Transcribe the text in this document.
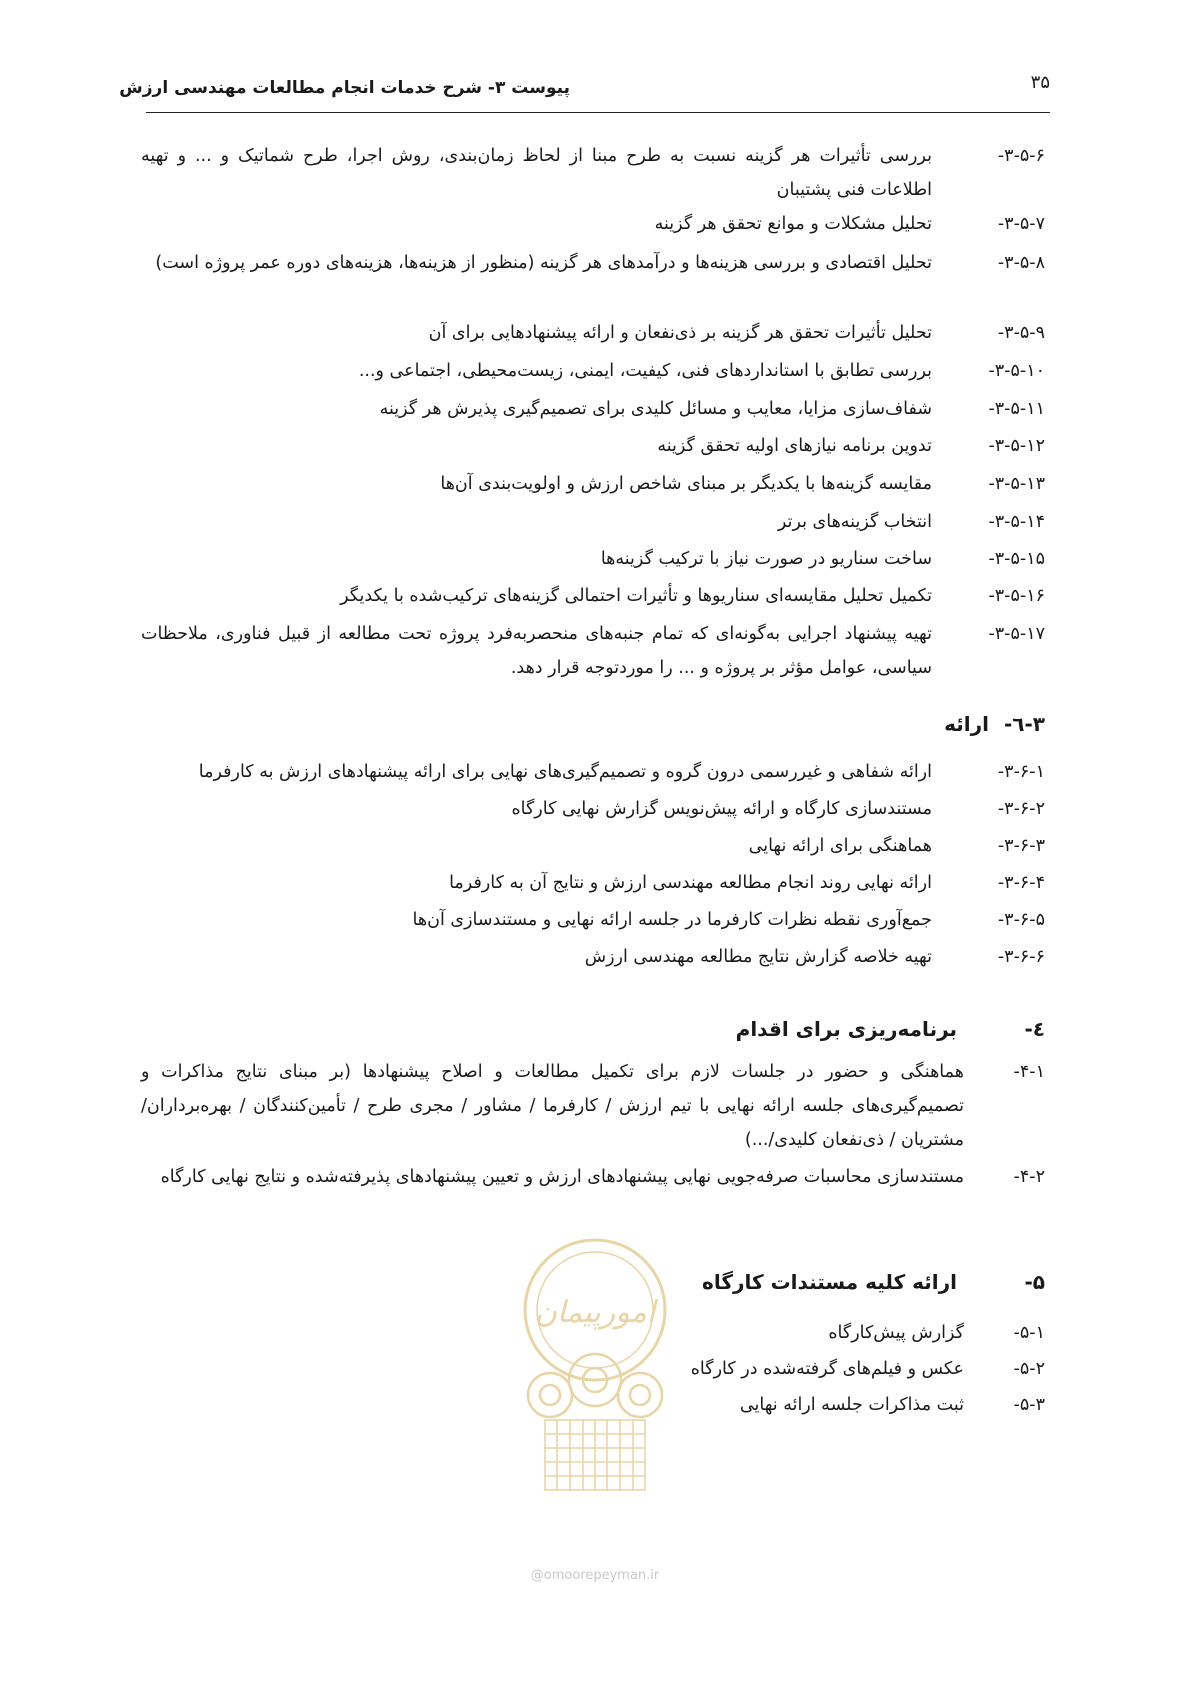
پیوست ۳- شرح خدمات انجام مطالعات مهندسی ارزش	۳۵
۳-۵-۶-
بررسی تأثیرات هر گزینه نسبت به طرح مبنا از لحاظ زمان‌بندی، روش اجرا، طرح شماتیک و ... و تهیه اطلاعات فنی پشتیبان
۳-۵-۷-
تحلیل مشکلات و موانع تحقق هر گزینه
۳-۵-۸-
تحلیل اقتصادی و بررسی هزینه‌ها و درآمدهای هر گزینه (منظور از هزینه‌ها، هزینه‌های دوره عمر پروژه است)
۳-۵-۹-
تحلیل تأثیرات تحقق هر گزینه بر ذی‌نفعان و ارائه پیشنهادهایی برای آن
۳-۵-۱۰-
بررسی تطابق با استانداردهای فنی، کیفیت، ایمنی، زیست‌محیطی، اجتماعی و...
۳-۵-۱۱-
شفاف‌سازی مزایا، معایب و مسائل کلیدی برای تصمیم‌گیری پذیرش هر گزینه
۳-۵-۱۲-
تدوین برنامه نیازهای اولیه تحقق گزینه
۳-۵-۱۳-
مقایسه گزینه‌ها با یکدیگر بر مبنای شاخص ارزش و اولویت‌بندی آن‌ها
۳-۵-۱۴-
انتخاب گزینه‌های برتر
۳-۵-۱۵-
ساخت سناریو در صورت نیاز با ترکیب گزینه‌ها
۳-۵-۱۶-
تکمیل تحلیل مقایسه‌ای سناریوها و تأثیرات احتمالی گزینه‌های ترکیب‌شده با یکدیگر
۳-۵-۱۷-
تهیه پیشنهاد اجرایی به‌گونه‌ای که تمام جنبه‌های منحصربه‌فرد پروژه تحت مطالعه از قبیل فناوری، ملاحظات سیاسی، عوامل مؤثر بر پروژه و ... را موردتوجه قرار دهد.
۳-٦- ارائه
۳-۶-۱-
ارائه شفاهی و غیررسمی درون گروه و تصمیم‌گیری‌های نهایی برای ارائه پیشنهادهای ارزش به کارفرما
۳-۶-۲-
مستندسازی کارگاه و ارائه پیش‌نویس گزارش نهایی کارگاه
۳-۶-۳-
هماهنگی برای ارائه نهایی
۳-۶-۴-
ارائه نهایی روند انجام مطالعه مهندسی ارزش و نتایج آن به کارفرما
۳-۶-۵-
جمع‌آوری نقطه نظرات کارفرما در جلسه ارائه نهایی و مستندسازی آن‌ها
۳-۶-۶-
تهیه خلاصه گزارش نتایج مطالعه مهندسی ارزش
٤- برنامه‌ریزی برای اقدام
۴-۱-
هماهنگی و حضور در جلسات لازم برای تکمیل مطالعات و اصلاح پیشنهادها (بر مبنای نتایج مذاکرات و تصمیم‌گیری‌های جلسه ارائه نهایی با تیم ارزش / کارفرما / مشاور / مجری طرح / تأمین‌کنندگان / بهره‌برداران/ مشتریان / ذی‌نفعان کلیدی/...)
۴-۲-
مستندسازی محاسبات صرفه‌جویی نهایی پیشنهادهای ارزش و تعیین پیشنهادهای پذیرفته‌شده و نتایج نهایی کارگاه
امورپیمان
۵- ارائه کلیه مستندات کارگاه
۵-۱-
گزارش پیش‌کارگاه
۵-۲-
عکس و فیلم‌های گرفته‌شده در کارگاه
۵-۳-
ثبت مذاکرات جلسه ارائه نهایی
@omoorepeyman.ir
